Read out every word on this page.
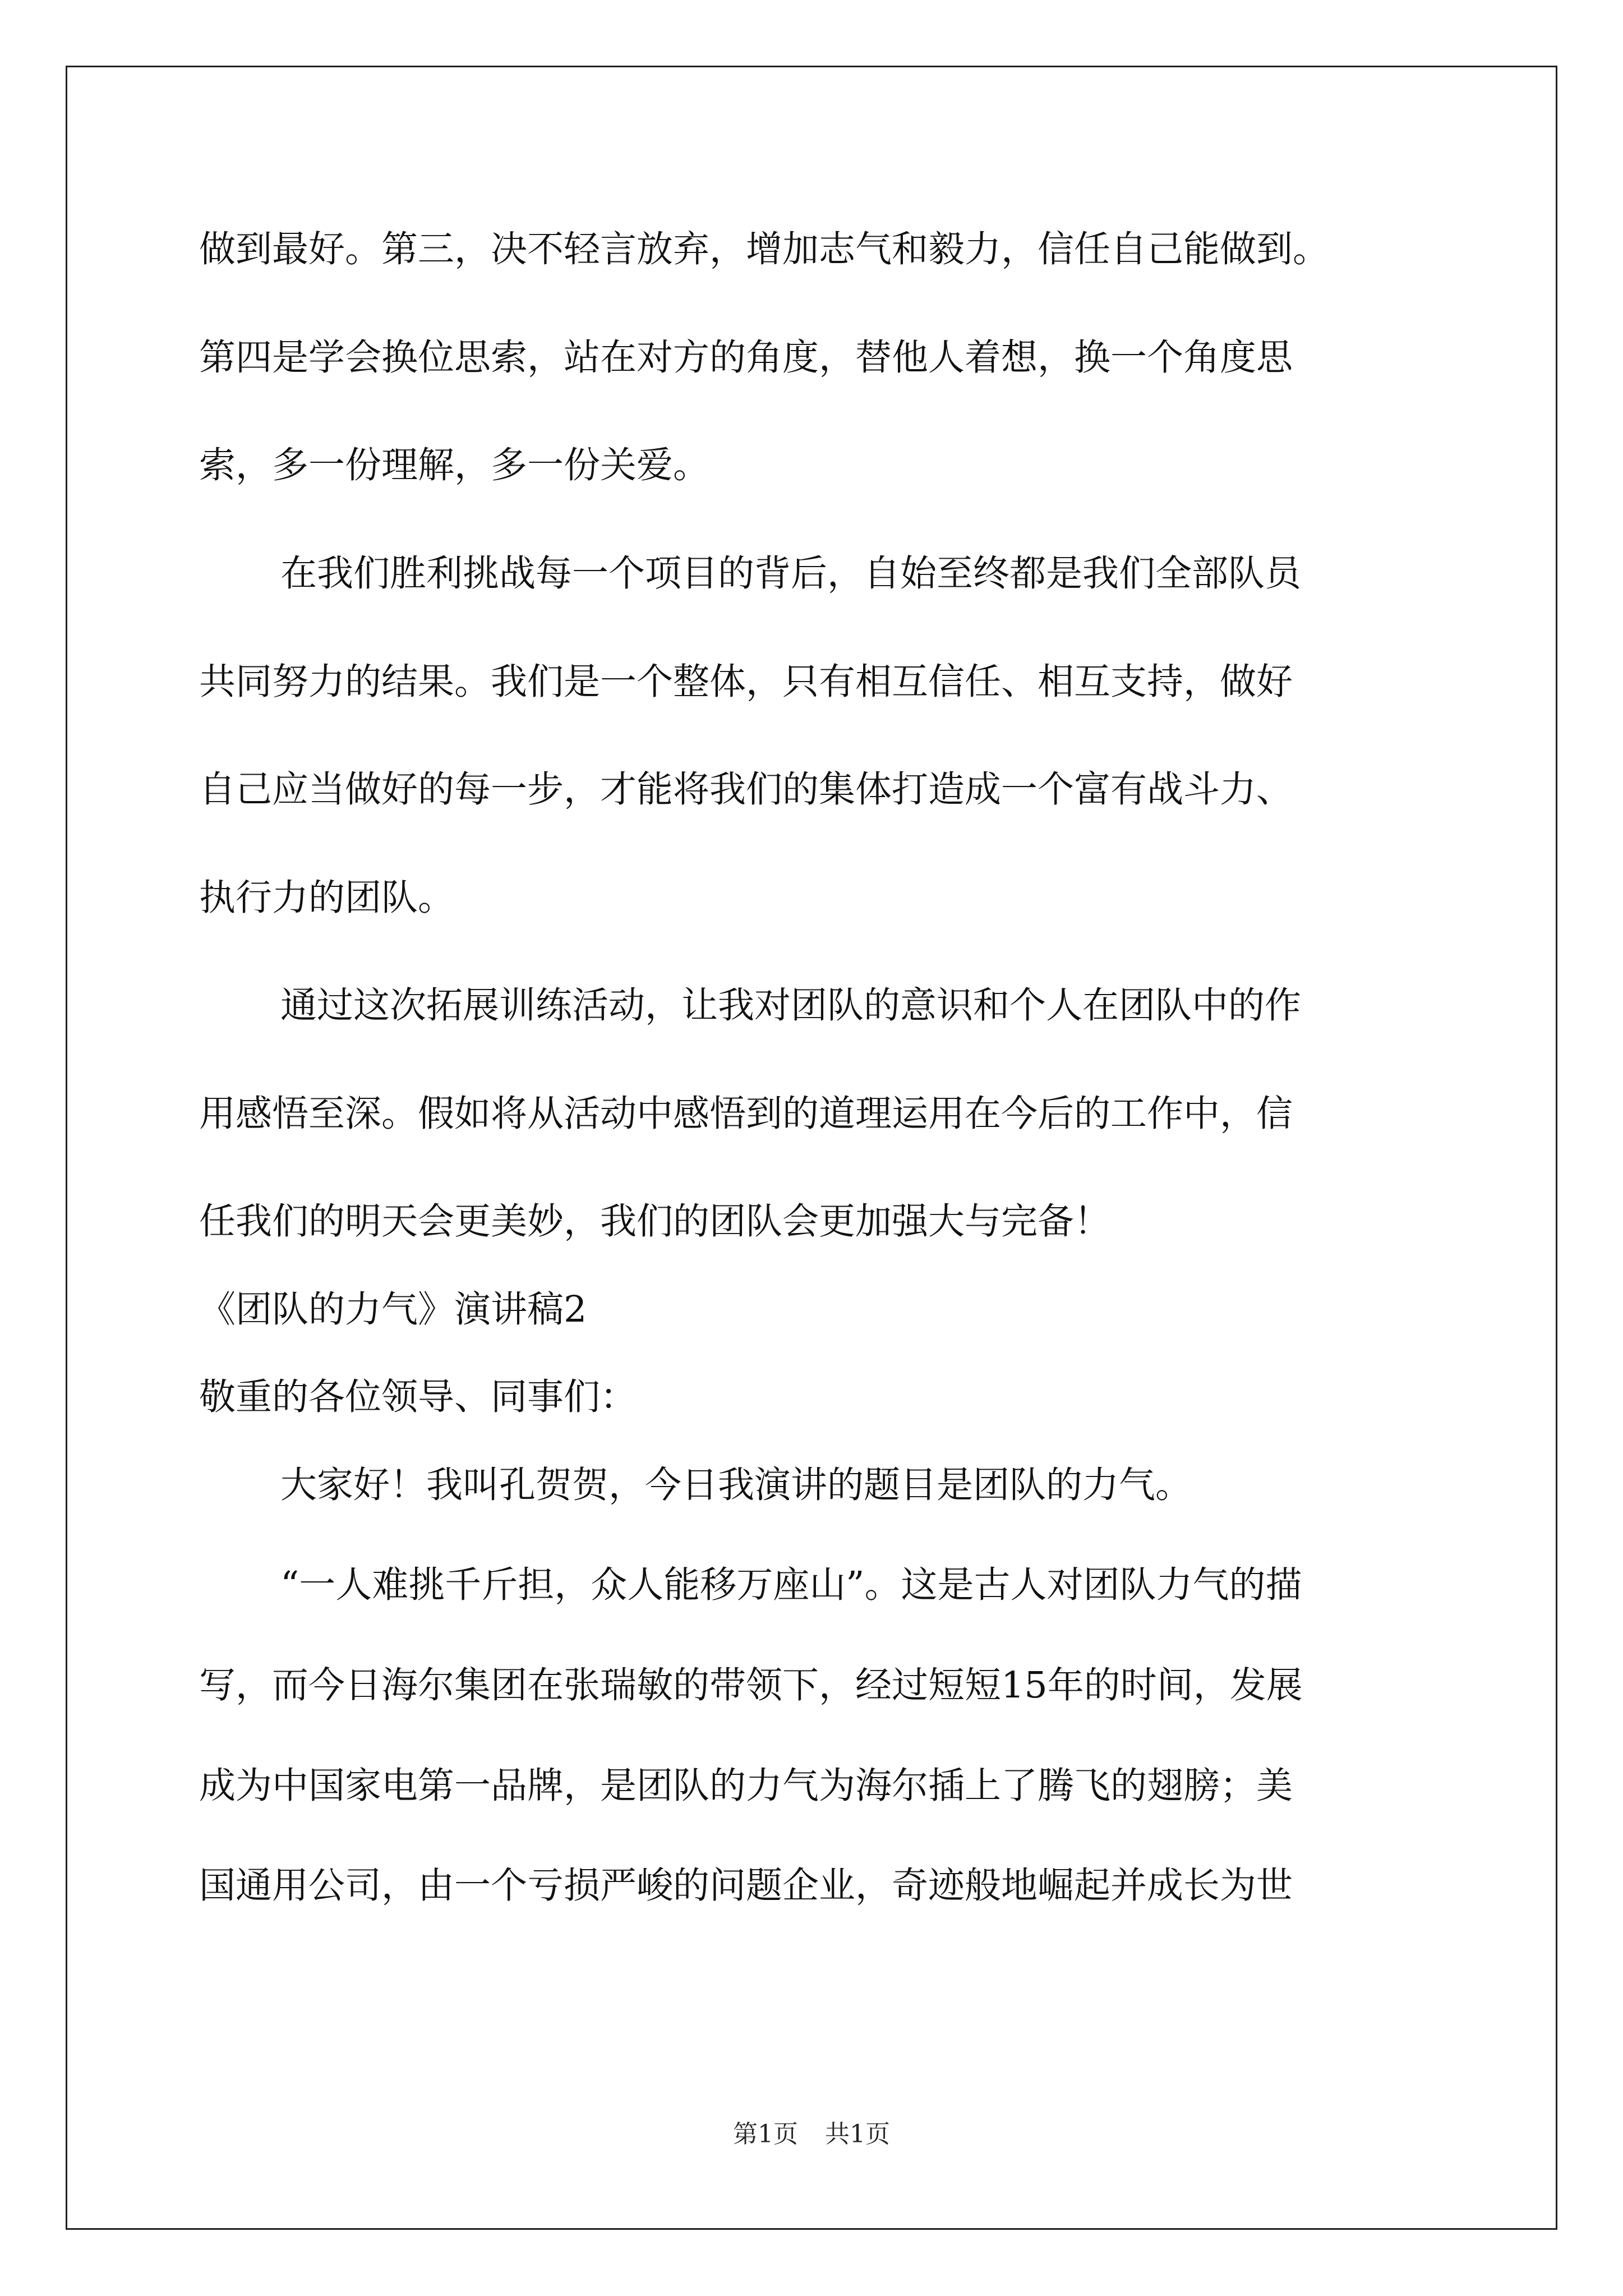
做到最好。第三，决不轻言放弃，增加志气和毅力，信任自己能做到。
第四是学会换位思索，站在对方的角度，替他人着想，换一个角度思
索，多一份理解，多一份关爱。
在我们胜利挑战每一个项目的背后，自始至终都是我们全部队员
共同努力的结果。我们是一个整体，只有相互信任、相互支持，做好
自己应当做好的每一步，才能将我们的集体打造成一个富有战斗力、
执行力的团队。
通过这次拓展训练活动，让我对团队的意识和个人在团队中的作
用感悟至深。假如将从活动中感悟到的道理运用在今后的工作中，信
任我们的明天会更美妙，我们的团队会更加强大与完备！
《团队的力气》演讲稿2
敬重的各位领导、同事们：
大家好！我叫孔贺贺，今日我演讲的题目是团队的力气。
“一人难挑千斤担，众人能移万座山”。这是古人对团队力气的描
写，而今日海尔集团在张瑞敏的带领下，经过短短15年的时间，发展
成为中国家电第一品牌，是团队的力气为海尔插上了腾飞的翅膀；美
国通用公司，由一个亏损严峻的问题企业，奇迹般地崛起并成长为世
第1页 共1页
